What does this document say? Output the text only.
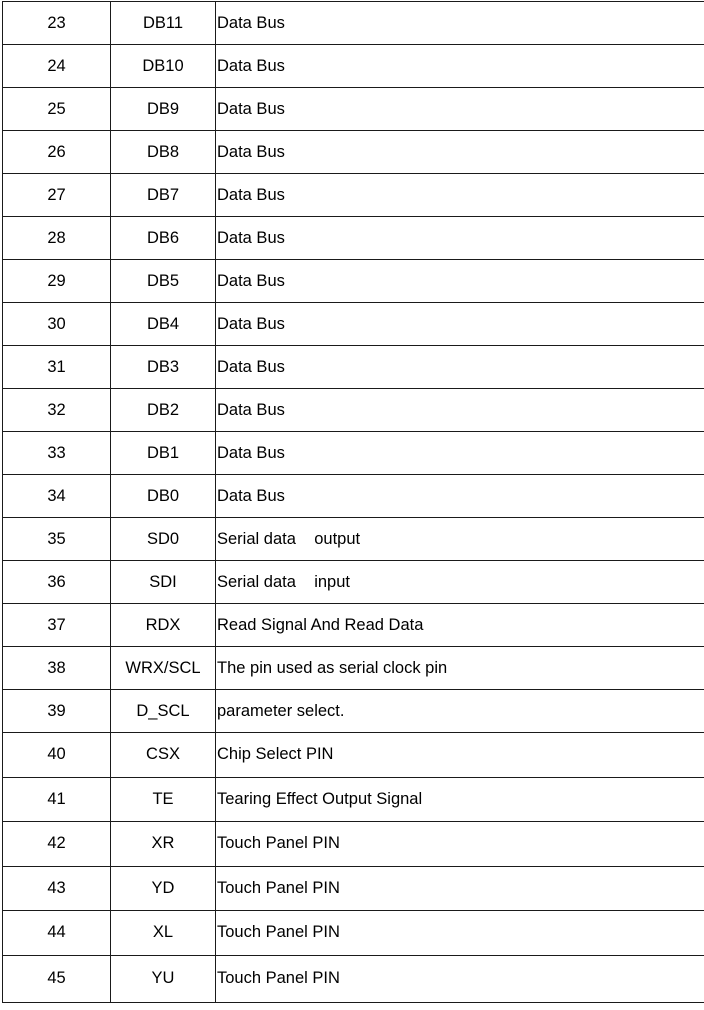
23	DB11	Data Bus
24	DB10	Data Bus
25	DB9	Data Bus
26	DB8	Data Bus
27	DB7	Data Bus
28	DB6	Data Bus
29	DB5	Data Bus
30	DB4	Data Bus
31	DB3	Data Bus
32	DB2	Data Bus
33	DB1	Data Bus
34	DB0	Data Bus
35	SD0	Serial data    output
36	SDI	Serial data    input
37	RDX	Read Signal And Read Data
38	WRX/SCL	The pin used as serial clock pin
39	D_SCL	parameter select.
40	CSX	Chip Select PIN
41	TE	Tearing Effect Output Signal
42	XR	Touch Panel PIN
43	YD	Touch Panel PIN
44	XL	Touch Panel PIN
45	YU	Touch Panel PIN
